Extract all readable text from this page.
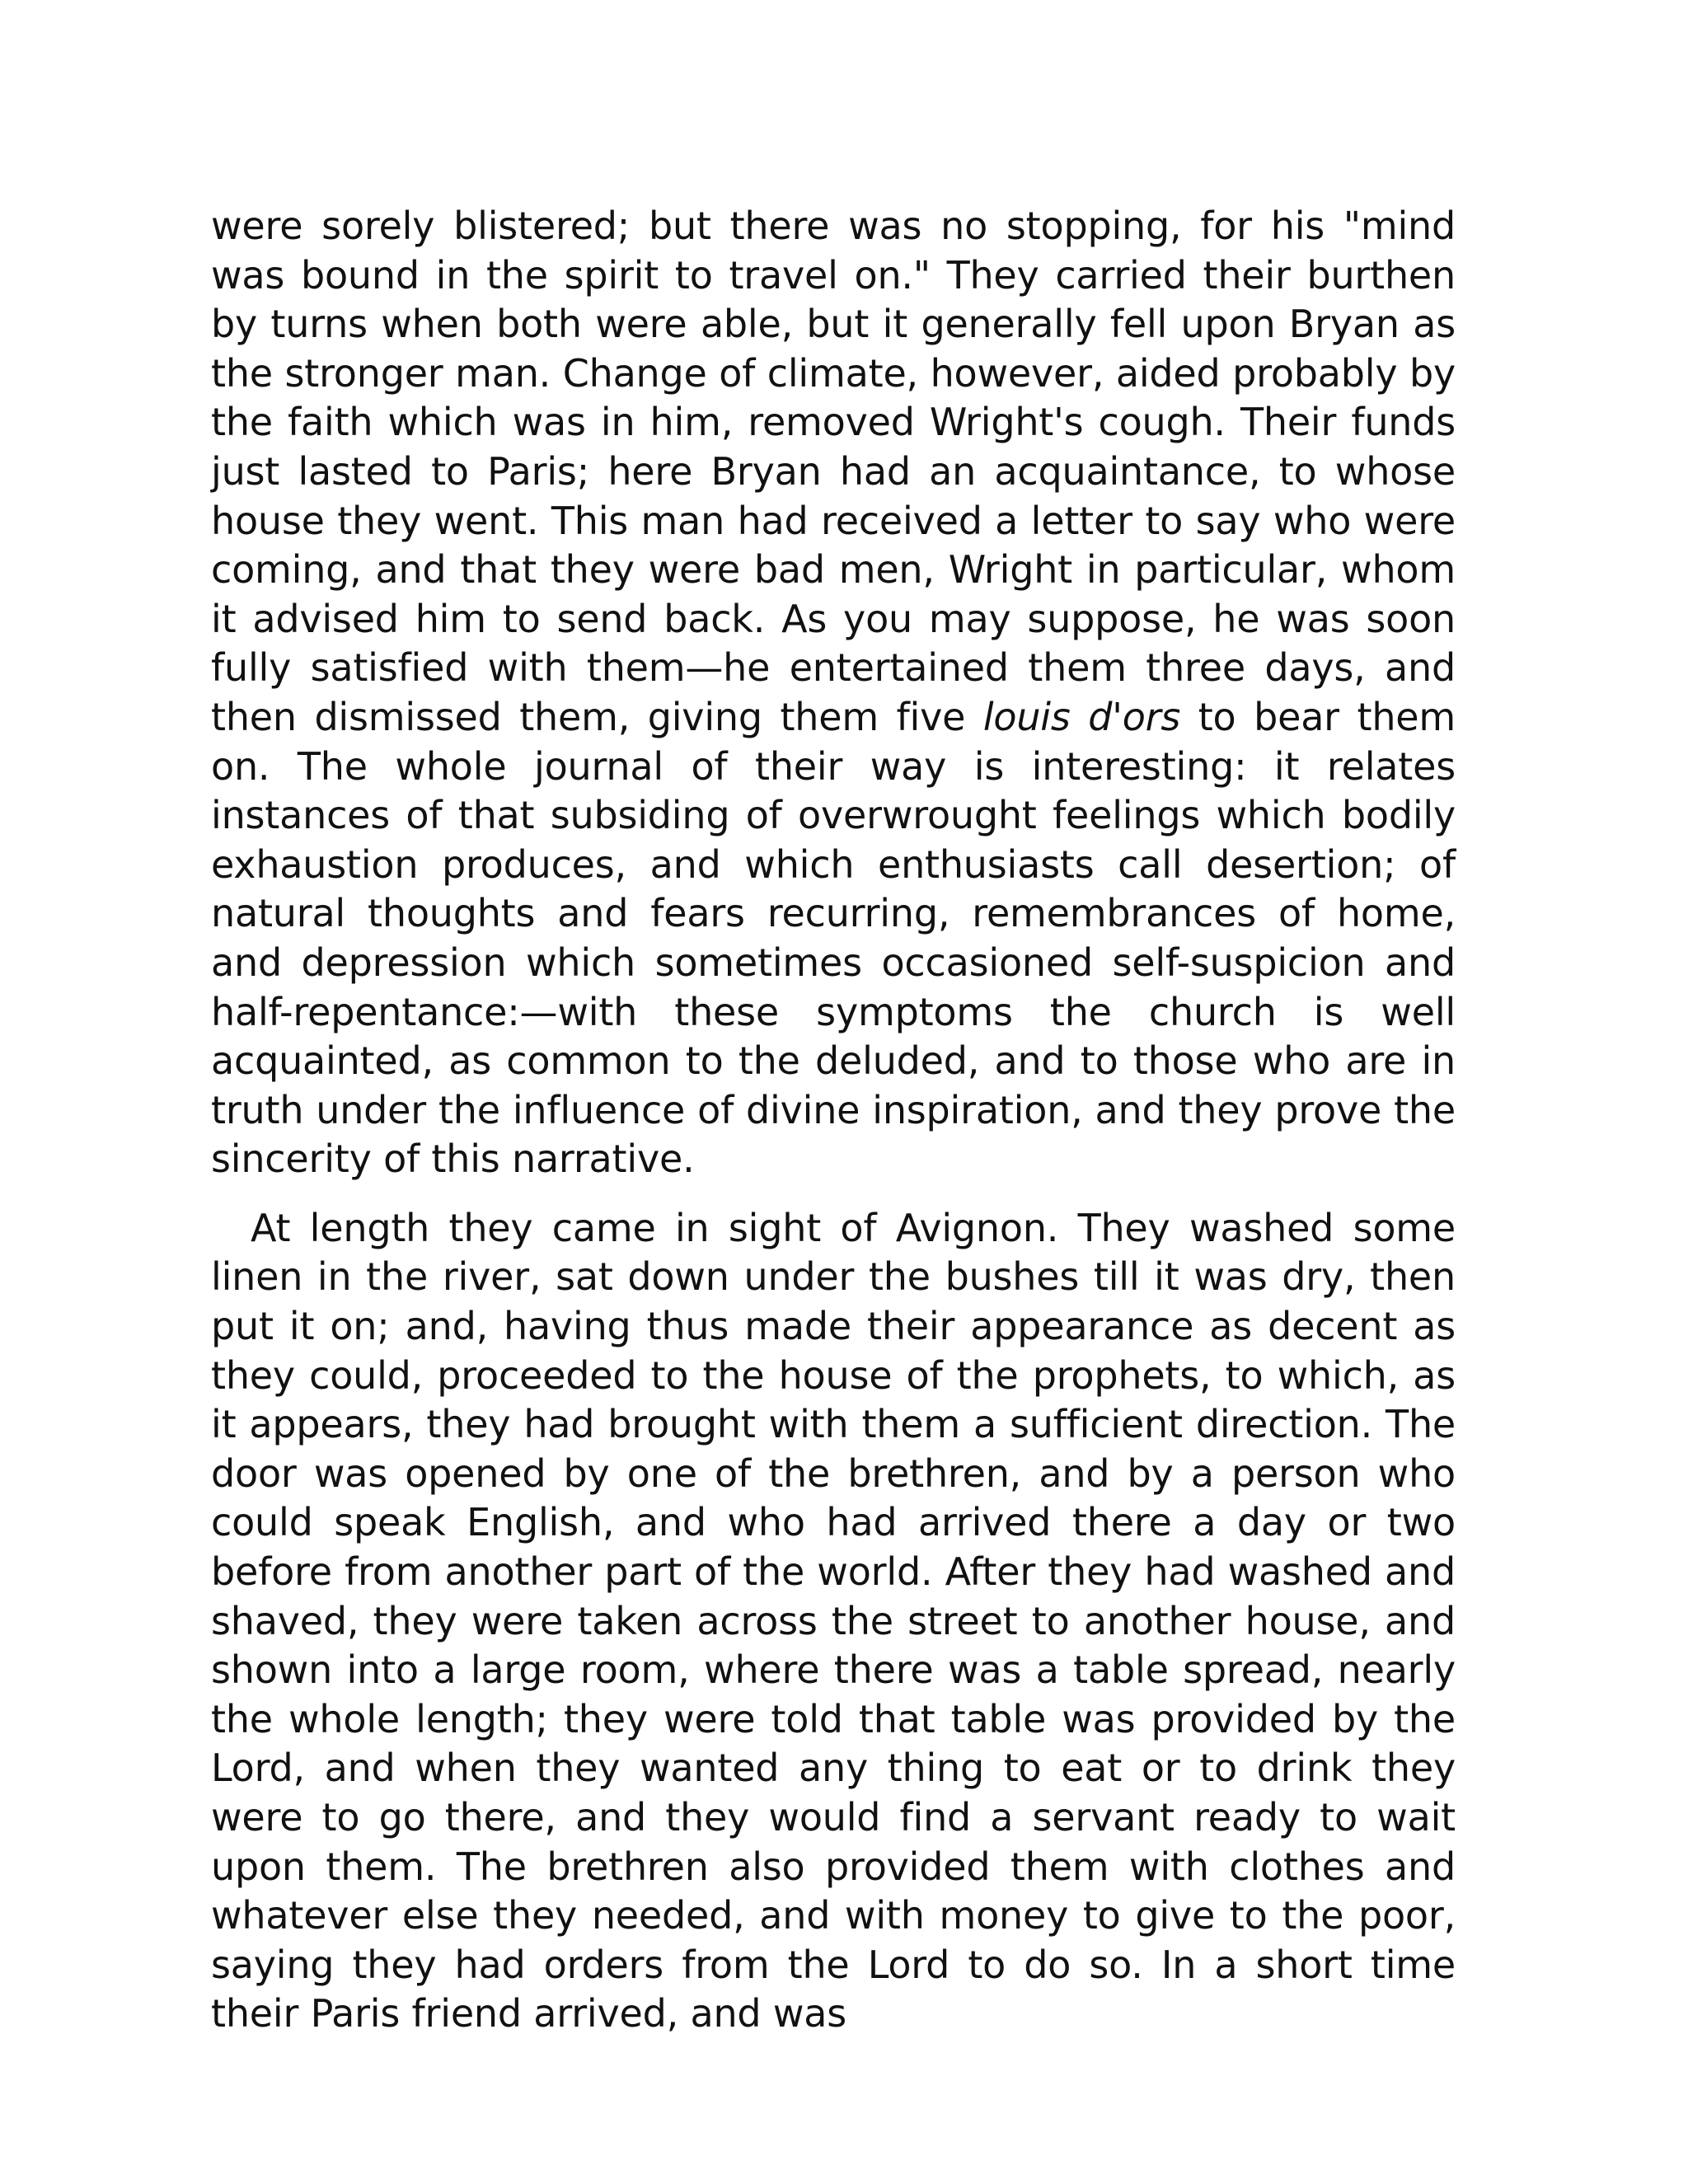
were sorely blistered; but there was no stopping, for his "mind was bound in the spirit to travel on." They carried their burthen by turns when both were able, but it generally fell upon Bryan as the stronger man. Change of climate, however, aided probably by the faith which was in him, removed Wright's cough. Their funds just lasted to Paris; here Bryan had an acquaintance, to whose house they went. This man had received a letter to say who were coming, and that they were bad men, Wright in particular, whom it advised him to send back. As you may suppose, he was soon fully satisfied with them—he entertained them three days, and then dismissed them, giving them five louis d'ors to bear them on. The whole journal of their way is interesting: it relates instances of that subsiding of overwrought feelings which bodily exhaustion produces, and which enthusiasts call desertion; of natural thoughts and fears recurring, remembrances of home, and depression which sometimes occasioned self-suspicion and half-repentance:—with these symptoms the church is well acquainted, as common to the deluded, and to those who are in truth under the influence of divine inspiration, and they prove the sincerity of this narrative.

At length they came in sight of Avignon. They washed some linen in the river, sat down under the bushes till it was dry, then put it on; and, having thus made their appearance as decent as they could, proceeded to the house of the prophets, to which, as it appears, they had brought with them a sufficient direction. The door was opened by one of the brethren, and by a person who could speak English, and who had arrived there a day or two before from another part of the world. After they had washed and shaved, they were taken across the street to another house, and shown into a large room, where there was a table spread, nearly the whole length; they were told that table was provided by the Lord, and when they wanted any thing to eat or to drink they were to go there, and they would find a servant ready to wait upon them. The brethren also provided them with clothes and whatever else they needed, and with money to give to the poor, saying they had orders from the Lord to do so. In a short time their Paris friend arrived, and was
